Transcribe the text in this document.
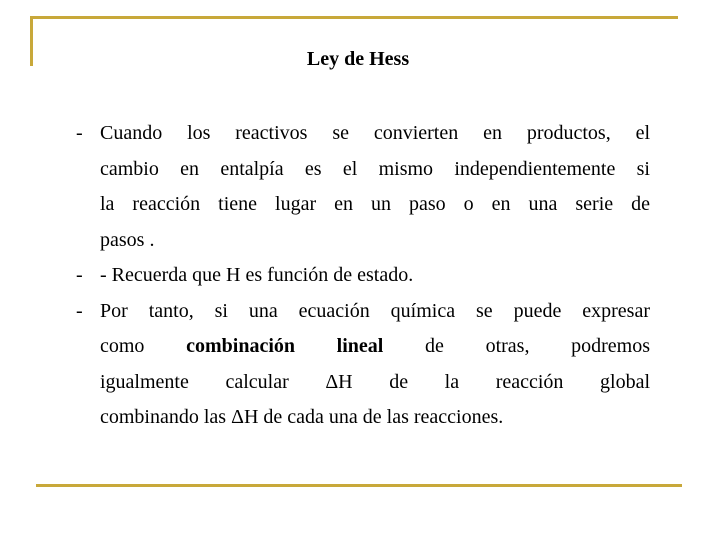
Ley de Hess
- Cuando los reactivos se convierten en productos, el
cambio en entalpía es el mismo independientemente si
la reacción tiene lugar en un paso o en una serie de
pasos .
- - Recuerda que H es función de estado.
- Por tanto, si una ecuación química se puede expresar
como combinación lineal de otras, podremos
igualmente calcular ΔH de la reacción global
combinando las ΔH de cada una de las reacciones.
